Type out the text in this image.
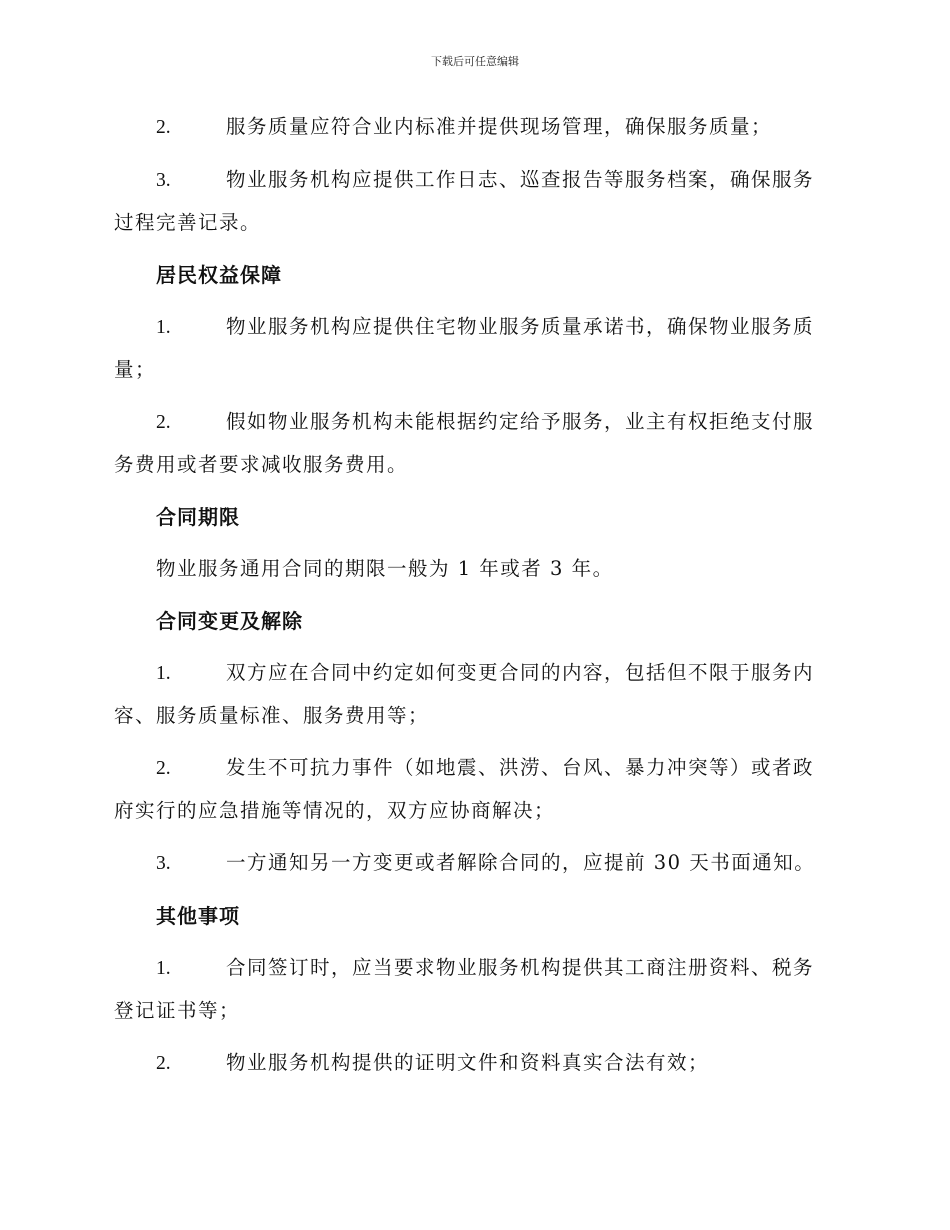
下载后可任意编辑
2.	服务质量应符合业内标准并提供现场管理，确保服务质量；
3.	物业服务机构应提供工作日志、巡查报告等服务档案，确保服务过程完善记录。
居民权益保障
1.	物业服务机构应提供住宅物业服务质量承诺书，确保物业服务质量；
2.	假如物业服务机构未能根据约定给予服务，业主有权拒绝支付服务费用或者要求减收服务费用。
合同期限
物业服务通用合同的期限一般为 1 年或者 3 年。
合同变更及解除
1.	双方应在合同中约定如何变更合同的内容，包括但不限于服务内容、服务质量标准、服务费用等；
2.	发生不可抗力事件（如地震、洪涝、台风、暴力冲突等）或者政府实行的应急措施等情况的，双方应协商解决；
3.	一方通知另一方变更或者解除合同的，应提前 30 天书面通知。
其他事项
1.	合同签订时，应当要求物业服务机构提供其工商注册资料、税务登记证书等；
2.	物业服务机构提供的证明文件和资料真实合法有效；
